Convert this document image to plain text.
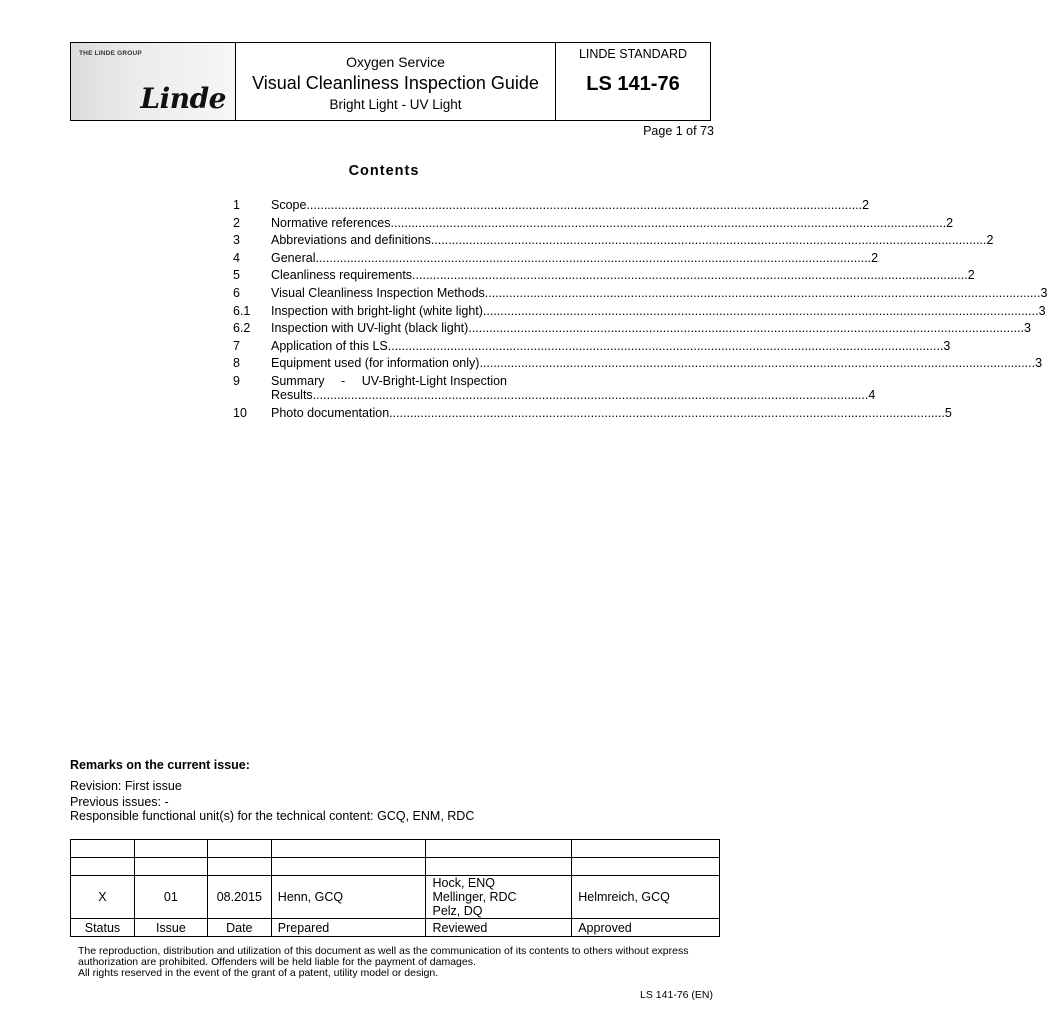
THE LINDE GROUP
Linde
Oxygen Service
Visual Cleanliness Inspection Guide
Bright Light - UV Light
LINDE STANDARD
LS 141-76
Page 1 of 73
Contents
1	Scope .....	2
2	Normative references .....	2
3	Abbreviations and definitions .....	2
4	General .....	2
5	Cleanliness requirements .....	2
6	Visual Cleanliness Inspection Methods .....	3
6.1	Inspection with bright-light (white light) .....	3
6.2	Inspection with UV-light (black light) .....	3
7	Application of this LS .....	3
8	Equipment used (for information only) .....	3
9	Summary - UV-Bright-Light Inspection
Results .....	4
10	Photo documentation .....	5
Remarks on the current issue:
Revision: First issue
Previous issues: -
Responsible functional unit(s) for the technical content: GCQ, ENM, RDC

X	01	08.2015	Henn, GCQ	Hock, ENQ
Mellinger, RDC
Pelz, DQ	Helmreich, GCQ
Status	Issue	Date	Prepared	Reviewed	Approved
The reproduction, distribution and utilization of this document as well as the communication of its contents to others without express
authorization are prohibited. Offenders will be held liable for the payment of damages.
All rights reserved in the event of the grant of a patent, utility model or design.
LS 141-76 (EN)
